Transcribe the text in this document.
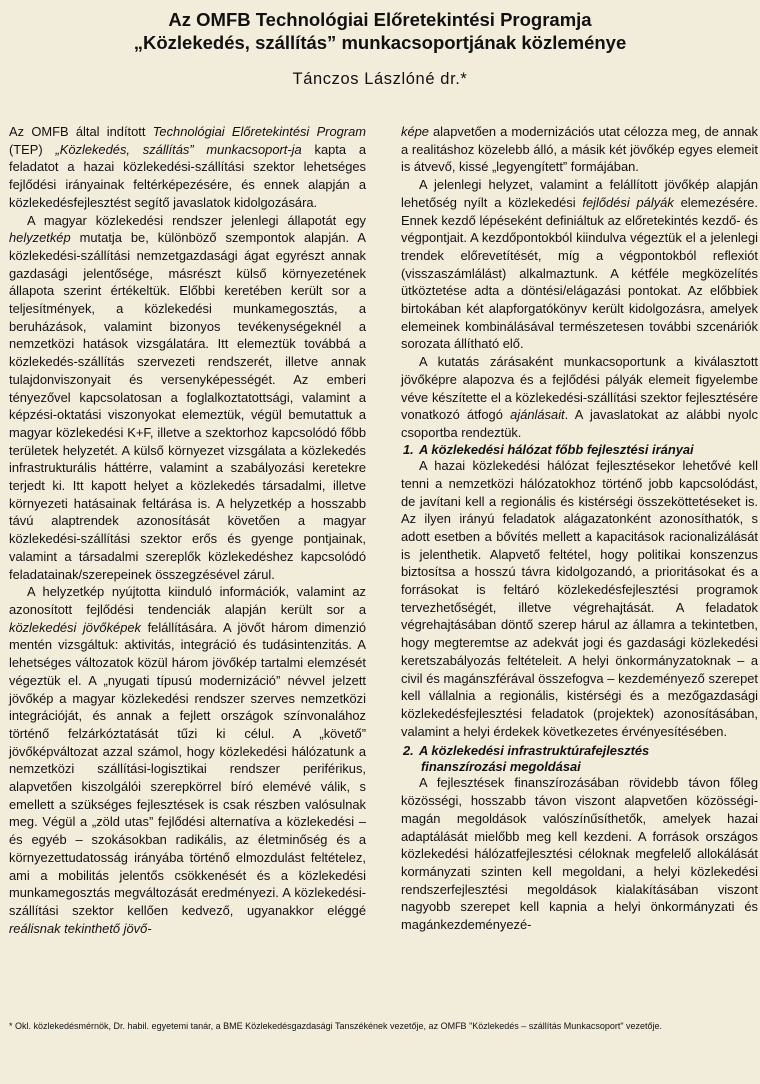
Az OMFB Technológiai Előretekintési Programja
„Közlekedés, szállítás” munkacsoportjának közleménye
Tánczos Lászlóné dr.*

Az OMFB által indított Technológiai Előretekintési Program (TEP) „Közlekedés, szállítás” munkacsoport-ja kapta a feladatot a hazai közlekedési-szállítási szektor lehetséges fejlődési irányainak feltérképezésére, és ennek alapján a közlekedésfejlesztést segítő javaslatok kidolgozására.

A magyar közlekedési rendszer jelenlegi állapotát egy helyzetkép mutatja be, különböző szempontok alapján. A közlekedési-szállítási nemzetgazdasági ágat egyrészt annak gazdasági jelentősége, másrészt külső környezetének állapota szerint értékeltük. Előbbi keretében került sor a teljesítmények, a közlekedési munkamegosztás, a beruházások, valamint bizonyos tevékenységeknél a nemzetközi hatások vizsgálatára. Itt elemeztük továbbá a közlekedés-szállítás szervezeti rendszerét, illetve annak tulajdonviszonyait és versenyképességét. Az emberi tényezővel kapcsolatosan a foglalkoztatottsági, valamint a képzési-oktatási viszonyokat elemeztük, végül bemutattuk a magyar közlekedési K+F, illetve a szektorhoz kapcsolódó főbb területek helyzetét. A külső környezet vizsgálata a közlekedés infrastrukturális háttérre, valamint a szabályozási keretekre terjedt ki. Itt kapott helyet a közlekedés társadalmi, illetve környezeti hatásainak feltárása is. A helyzetkép a hosszabb távú alaptrendek azonosítását követően a magyar közlekedési-szállítási szektor erős és gyenge pontjainak, valamint a társadalmi szereplők közlekedéshez kapcsolódó feladatainak/szerepeinek összegzésével zárul.

A helyzetkép nyújtotta kiinduló információk, valamint az azonosított fejlődési tendenciák alapján került sor a közlekedési jövőképek felállítására. A jövőt három dimenzió mentén vizsgáltuk: aktivitás, integráció és tudásintenzitás. A lehetséges változatok közül három jövőkép tartalmi elemzését végeztük el. A „nyugati típusú modernizáció” névvel jelzett jövőkép a magyar közlekedési rendszer szerves nemzetközi integrációját, és annak a fejlett országok színvonalához történő felzárkóztatását tűzi ki célul. A „követő” jövőképváltozat azzal számol, hogy közlekedési hálózatunk a nemzetközi szállítási-logisztikai rendszer periférikus, alapvetően kiszolgálói szerepkörrel bíró elemévé válik, s emellett a szükséges fejlesztések is csak részben valósulnak meg. Végül a „zöld utas” fejlődési alternatíva a közlekedési – és egyéb – szokásokban radikális, az életminőség és a környezettudatosság irányába történő elmozdulást feltételez, ami a mobilitás jelentős csökkenését és a közlekedési munkamegosztás megváltozását eredményezi. A közlekedési-szállítási szektor kellően kedvező, ugyanakkor eléggé reálisnak tekinthető jövő-

képe alapvetően a modernizációs utat célozza meg, de annak a realitáshoz közelebb álló, a másik két jövőkép egyes elemeit is átvevő, kissé „legyengített” formájában.

A jelenlegi helyzet, valamint a felállított jövőkép alapján lehetőség nyílt a közlekedési fejlődési pályák elemezésére. Ennek kezdő lépéseként definiáltuk az előretekintés kezdő- és végpontjait. A kezdőpontokból kiindulva végeztük el a jelenlegi trendek előrevetítését, míg a végpontokból reflexiót (visszaszámlálást) alkalmaztunk. A kétféle megközelítés ütköztetése adta a döntési/elágazási pontokat. Az előbbiek birtokában két alapforgatókönyv került kidolgozásra, amelyek elemeinek kombinálásával természetesen további szcenáriók sorozata állítható elő.

A kutatás zárásaként munkacsoportunk a kiválasztott jövőképre alapozva és a fejlődési pályák elemeit figyelembe véve készítette el a közlekedési-szállítási szektor fejlesztésére vonatkozó átfogó ajánlásait. A javaslatokat az alábbi nyolc csoportba rendeztük.

1. A közlekedési hálózat főbb fejlesztési irányai

A hazai közlekedési hálózat fejlesztésekor lehetővé kell tenni a nemzetközi hálózatokhoz történő jobb kapcsolódást, de javítani kell a regionális és kistérségi összeköttetéseket is. Az ilyen irányú feladatok alágazatonként azonosíthatók, s adott esetben a bővítés mellett a kapacitások racionalizálását is jelenthetik. Alapvető feltétel, hogy politikai konszenzus biztosítsa a hosszú távra kidolgozandó, a prioritásokat és a forrásokat is feltáró közlekedésfejlesztési programok tervezhetőségét, illetve végrehajtását. A feladatok végrehajtásában döntő szerep hárul az államra a tekintetben, hogy megteremtse az adekvát jogi és gazdasági közlekedési keretszabályozás feltételeit. A helyi önkormányzatoknak – a civil és magánszférával összefogva – kezdeményező szerepet kell vállalnia a regionális, kistérségi és a mezőgazdasági közlekedésfejlesztési feladatok (projektek) azonosításában, valamint a helyi érdekek következetes érvényesítésében.

2. A közlekedési infrastruktúrafejlesztés
finanszírozási megoldásai

A fejlesztések finanszírozásában rövidebb távon főleg közösségi, hosszabb távon viszont alapvetően közösségi-magán megoldások valószínűsíthetők, amelyek hazai adaptálását mielőbb meg kell kezdeni. A források országos közlekedési hálózatfejlesztési céloknak megfelelő allokálását kormányzati szinten kell megoldani, a helyi közlekedési rendszerfejlesztési megoldások kialakításában viszont nagyobb szerepet kell kapnia a helyi önkormányzati és magánkezdeményezé-

* Okl. közlekedésmérnök, Dr. habil. egyetemi tanár, a BME Közlekedésgazdasági Tanszékének vezetője, az OMFB "Közlekedés – szállítás Munkacsoport" vezetője.
